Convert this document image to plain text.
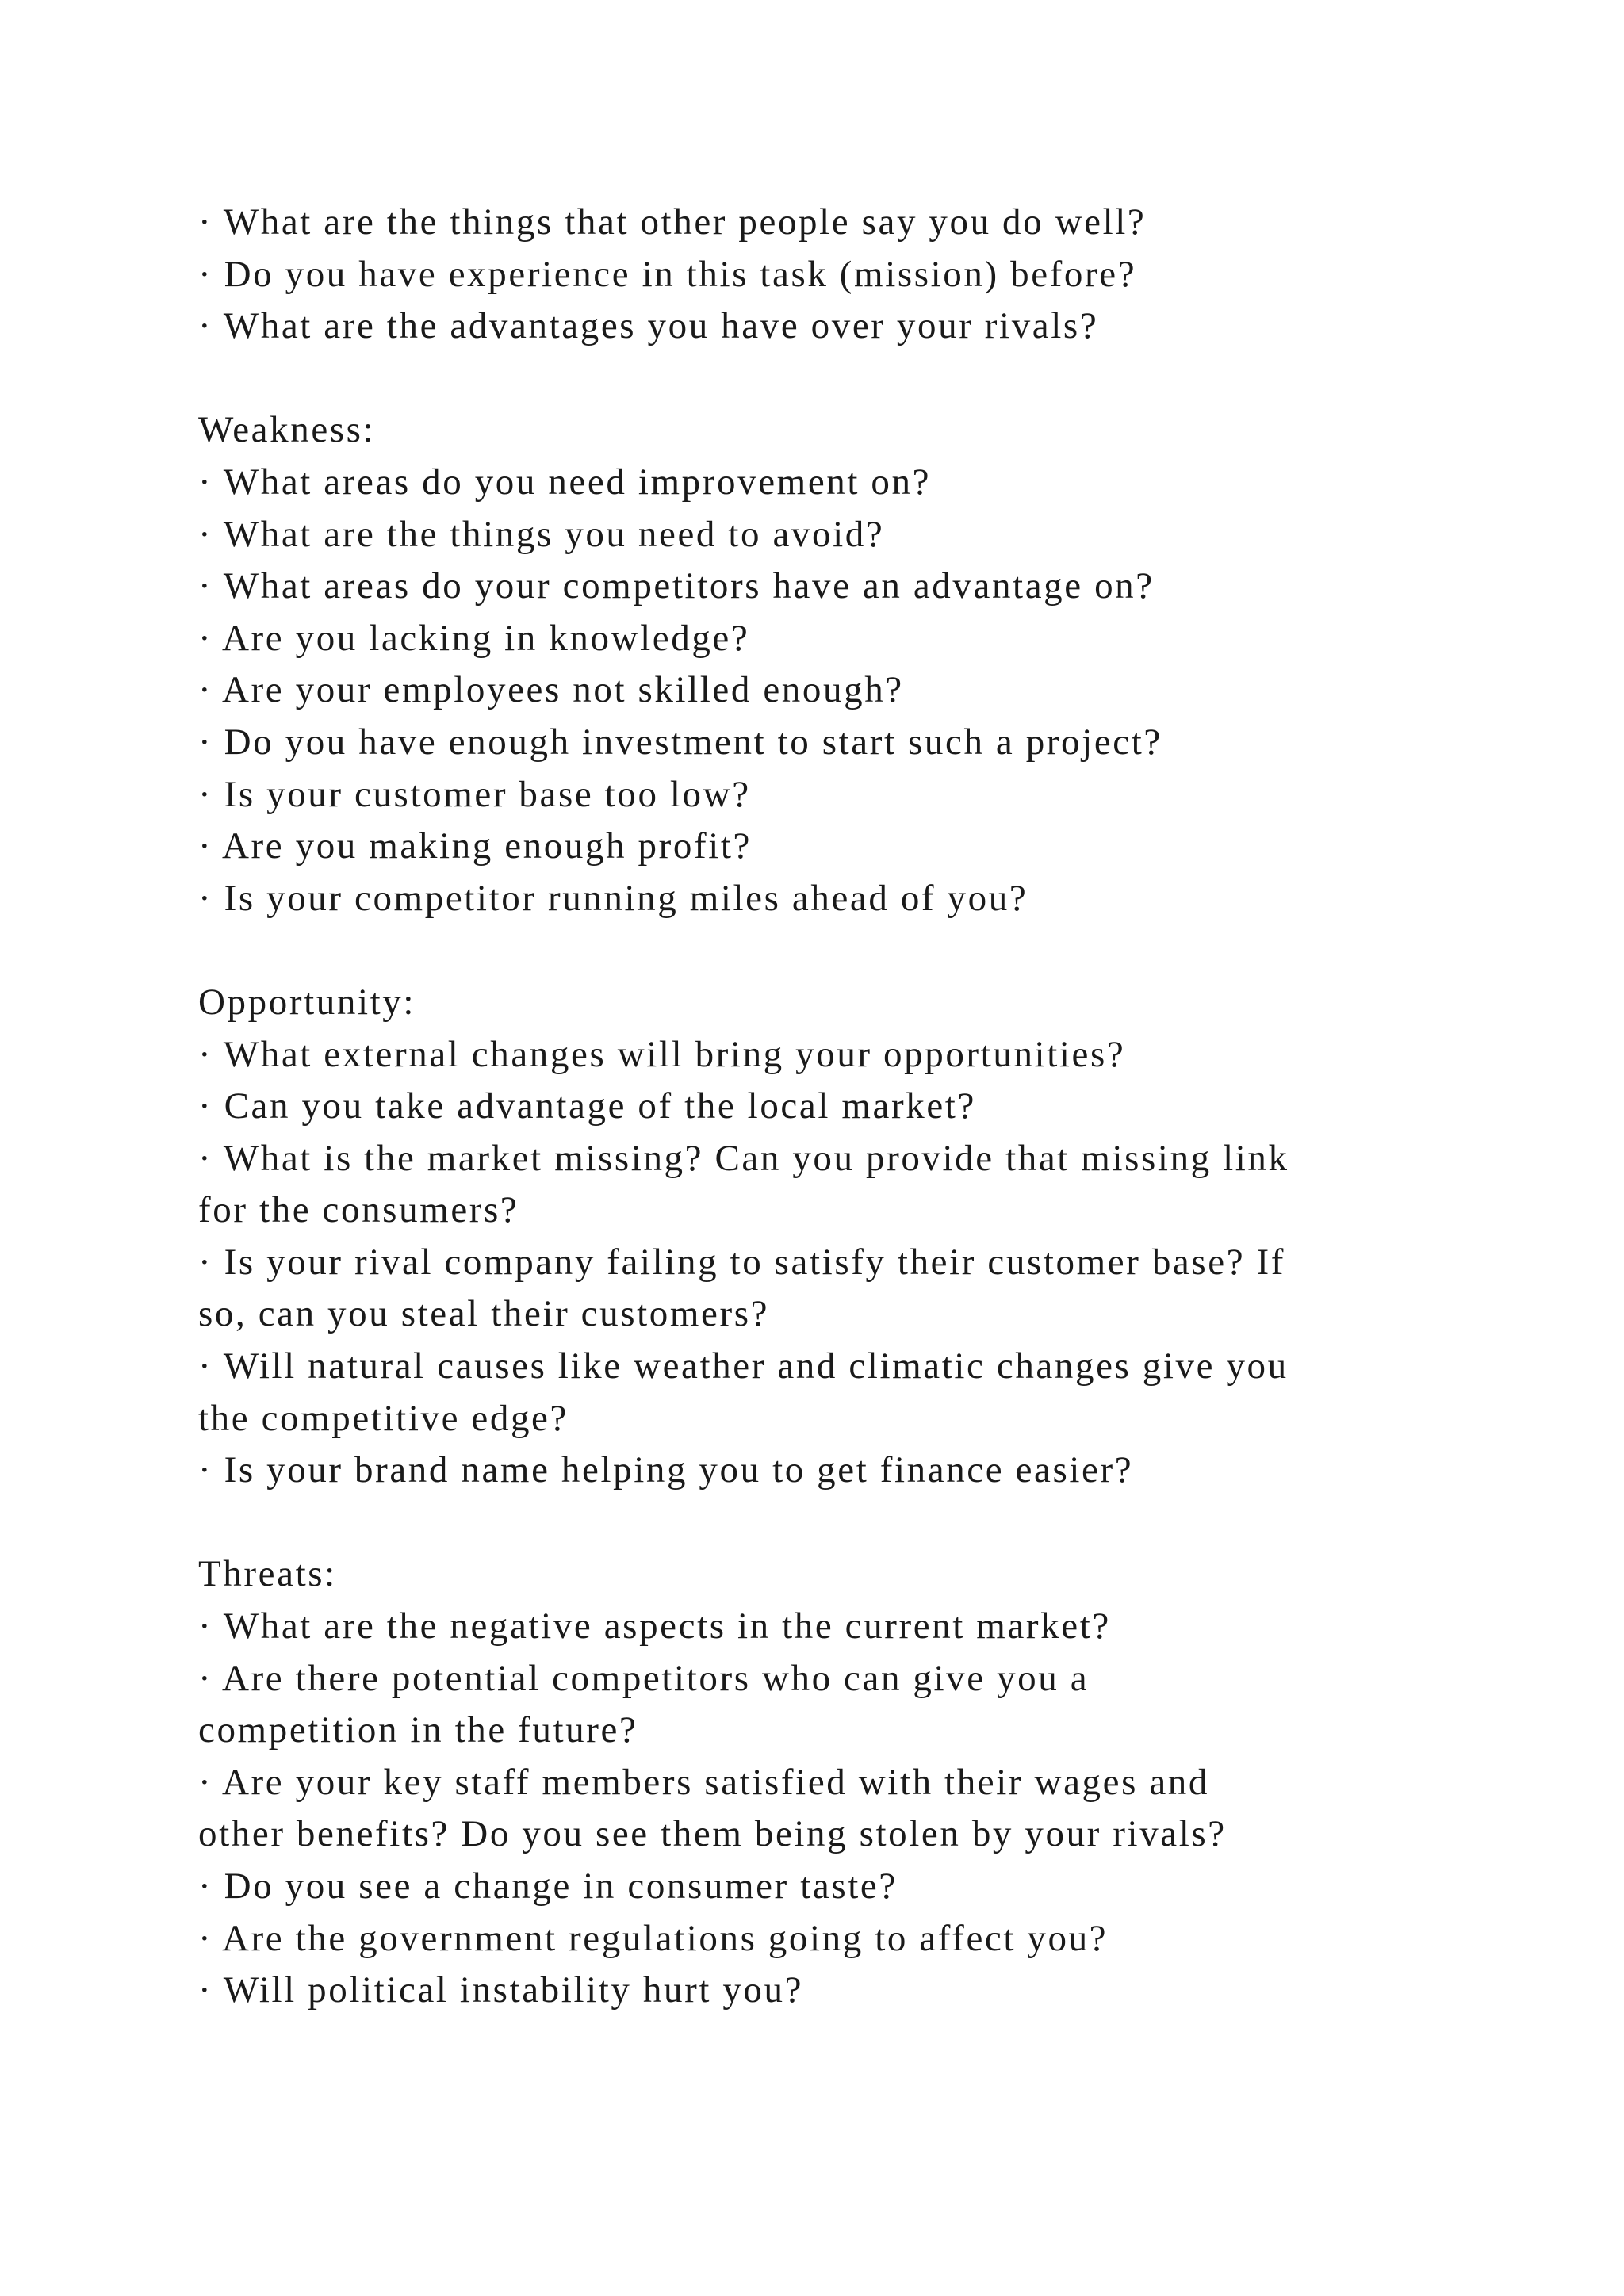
· What are the things that other people say you do well?

· Do you have experience in this task (mission) before?

· What are the advantages you have over your rivals?

Weakness:

· What areas do you need improvement on?

· What are the things you need to avoid?

· What areas do your competitors have an advantage on?

· Are you lacking in knowledge?

· Are your employees not skilled enough?

· Do you have enough investment to start such a project?

· Is your customer base too low?

· Are you making enough profit?

· Is your competitor running miles ahead of you?

Opportunity:

· What external changes will bring your opportunities?

· Can you take advantage of the local market?

· What is the market missing? Can you provide that missing link

for the consumers?

· Is your rival company failing to satisfy their customer base? If

so, can you steal their customers?

· Will natural causes like weather and climatic changes give you

the competitive edge?

· Is your brand name helping you to get finance easier?

Threats:

· What are the negative aspects in the current market?

· Are there potential competitors who can give you a

competition in the future?

· Are your key staff members satisfied with their wages and

other benefits? Do you see them being stolen by your rivals?

· Do you see a change in consumer taste?

· Are the government regulations going to affect you?

· Will political instability hurt you?
